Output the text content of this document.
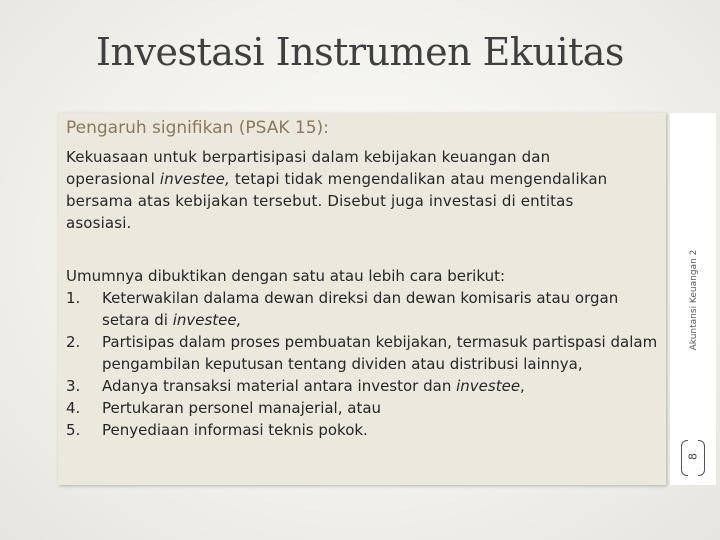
Investasi Instrumen Ekuitas
Pengaruh signifikan (PSAK 15):
Kekuasaan untuk berpartisipasi dalam kebijakan keuangan dan
operasional investee, tetapi tidak mengendalikan atau mengendalikan
bersama atas kebijakan tersebut. Disebut juga investasi di entitas
asosiasi.
Umumnya dibuktikan dengan satu atau lebih cara berikut:
1. Keterwakilan dalama dewan direksi dan dewan komisaris atau organ setara di investee,
2. Partisipas dalam proses pembuatan kebijakan, termasuk partispasi dalam pengambilan keputusan tentang dividen atau distribusi lainnya,
3. Adanya transaksi material antara investor dan investee,
4. Pertukaran personel manajerial, atau
5. Penyediaan informasi teknis pokok.
Akuntansi Keuangan 2
8
